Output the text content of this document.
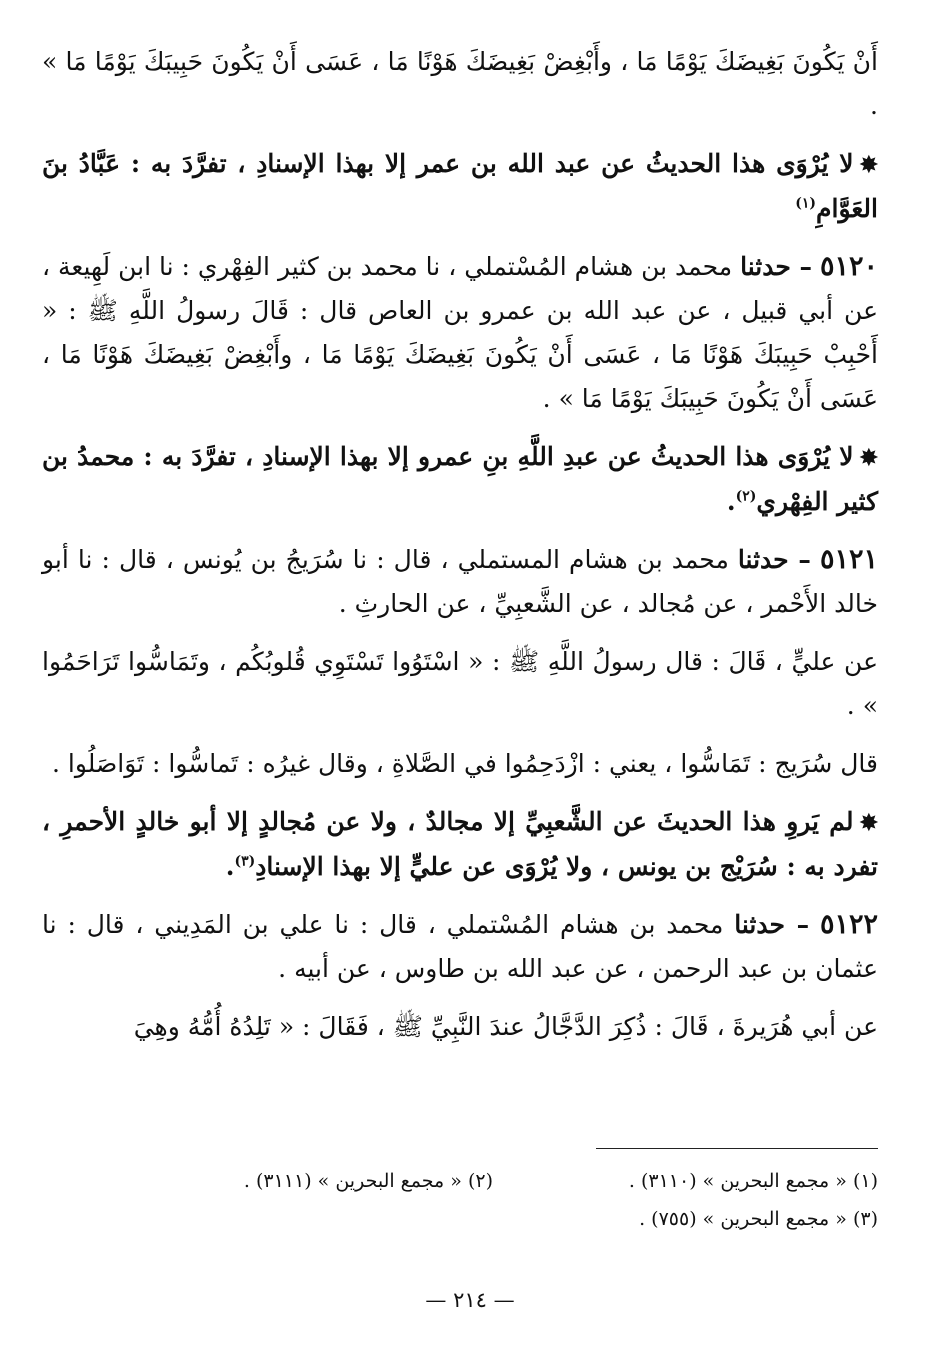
أَنْ يَكُونَ بَغِيضَكَ يَوْمًا مَا ، وأَبْغِضْ بَغِيضَكَ هَوْنًا مَا ، عَسَى أَنْ يَكُونَ حَبِيبَكَ يَوْمًا مَا » .

✸لا يُرْوَى هذا الحديثُ عن عبد الله بن عمر إلا بهذا الإسنادِ ، تفرَّدَ به : عَبَّادُ بنَ العَوَّامِ$^{(١)}$

٥١٢٠ – حدثنا محمد بن هشام المُسْتملي ، نا محمد بن كثير الفِهْري : نا ابن لَهِيعة ، عن أبي قبيل ، عن عبد الله بن عمرو بن العاص قال : قَالَ رسولُ اللَّهِ ﷺ : « أَحْبِبْ حَبِيبَكَ هَوْنًا مَا ، عَسَى أَنْ يَكُونَ بَغِيضَكَ يَوْمًا مَا ، وأَبْغِضْ بَغِيضَكَ هَوْنًا مَا ، عَسَى أَنْ يَكُونَ حَبِيبَكَ يَوْمًا مَا » .

✸لا يُرْوَى هذا الحديثُ عن عبدِ اللَّهِ بنِ عمرو إلا بهذا الإسنادِ ، تفرَّدَ به : محمدُ بن كثير الفِهْري$^{(٢)}$.

٥١٢١ – حدثنا محمد بن هشام المستملي ، قال : نا سُرَيجُ بن يُونس ، قال : نا أبو خالد الأَحْمر ، عن مُجالد ، عن الشَّعبِيِّ ، عن الحارثِ .

عن عليٍّ ، قَالَ : قال رسولُ اللَّهِ ﷺ : « اسْتَوُوا تَسْتَوِي قُلوبُكُم ، وتَمَاسُّوا تَرَاحَمُوا » .

قال سُرَيج : تَمَاسُّوا ، يعني : ازْدَحِمُوا في الصَّلاةِ ، وقال غيرُه : تَماسُّوا : تَوَاصَلُوا .

✸لم يَروِ هذا الحديثَ عن الشَّعبِيِّ إلا مجالدٌ ، ولا عن مُجالدٍ إلا أبو خالدٍ الأحمرِ ، تفرد به : سُرَيْج بن يونس ، ولا يُرْوَى عن عليٍّ إلا بهذا الإسنادِ$^{(٣)}$.

٥١٢٢ – حدثنا محمد بن هشام المُسْتملي ، قال : نا علي بن المَدِيني ، قال : نا عثمان بن عبد الرحمن ، عن عبد الله بن طاوس ، عن أبيه .

عن أبي هُرَيرةَ ، قَالَ : ذُكِرَ الدَّجَّالُ عندَ النَّبِيِّ ﷺ ، فَقَالَ : « تَلِدُهُ أُمُّهُ وهِيَ

(١) « مجمع البحرين » (٣١١٠) .
(٢) « مجمع البحرين » (٣١١١) .
(٣) « مجمع البحرين » (٧٥٥) .
— ٢١٤ —
